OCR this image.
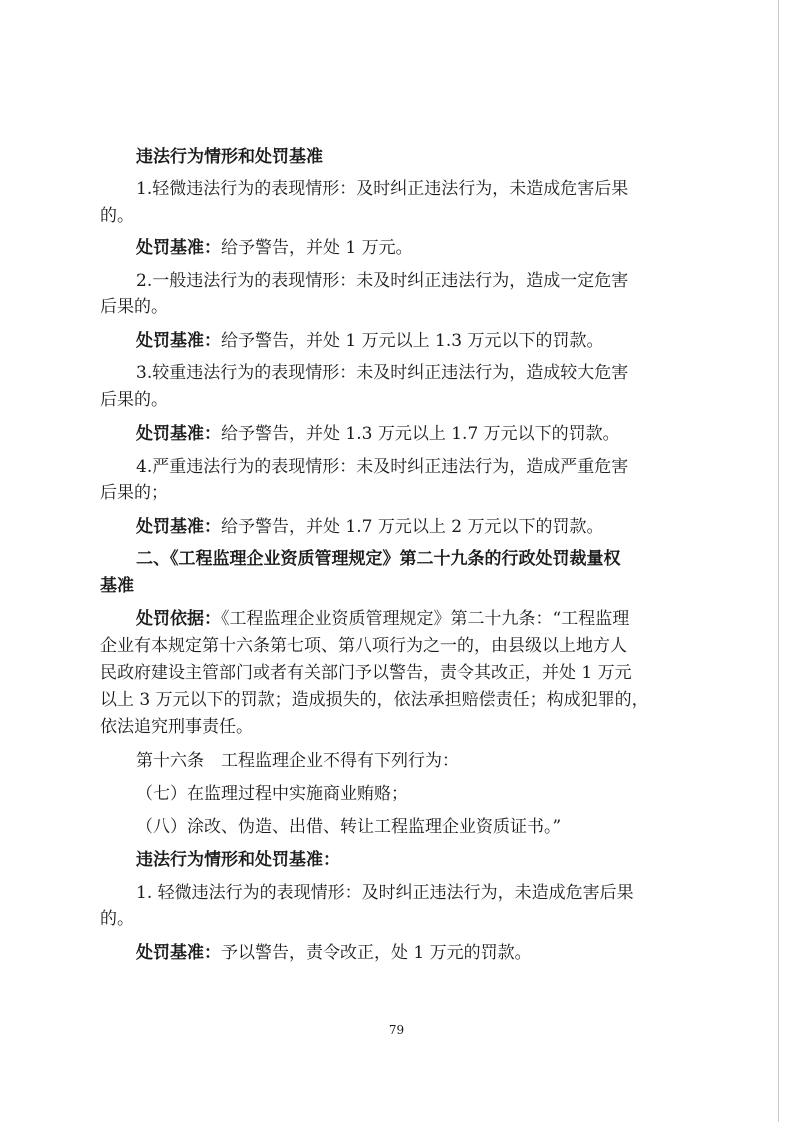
违法行为情形和处罚基准
1.轻微违法行为的表现情形：及时纠正违法行为，未造成危害后果
的。
处罚基准：给予警告，并处 1 万元。
2.一般违法行为的表现情形：未及时纠正违法行为，造成一定危害
后果的。
处罚基准：给予警告，并处 1 万元以上 1.3 万元以下的罚款。
3.较重违法行为的表现情形：未及时纠正违法行为，造成较大危害
后果的。
处罚基准：给予警告，并处 1.3 万元以上 1.7 万元以下的罚款。
4.严重违法行为的表现情形：未及时纠正违法行为，造成严重危害
后果的；
处罚基准：给予警告，并处 1.7 万元以上 2 万元以下的罚款。
二、《工程监理企业资质管理规定》第二十九条的行政处罚裁量权
基准
处罚依据：《工程监理企业资质管理规定》第二十九条：“工程监理
企业有本规定第十六条第七项、第八项行为之一的，由县级以上地方人
民政府建设主管部门或者有关部门予以警告，责令其改正，并处 1 万元
以上 3 万元以下的罚款；造成损失的，依法承担赔偿责任；构成犯罪的，
依法追究刑事责任。
第十六条　工程监理企业不得有下列行为：
（七）在监理过程中实施商业贿赂；
（八）涂改、伪造、出借、转让工程监理企业资质证书。”
违法行为情形和处罚基准：
1. 轻微违法行为的表现情形：及时纠正违法行为，未造成危害后果
的。
处罚基准：予以警告，责令改正，处 1 万元的罚款。
79
